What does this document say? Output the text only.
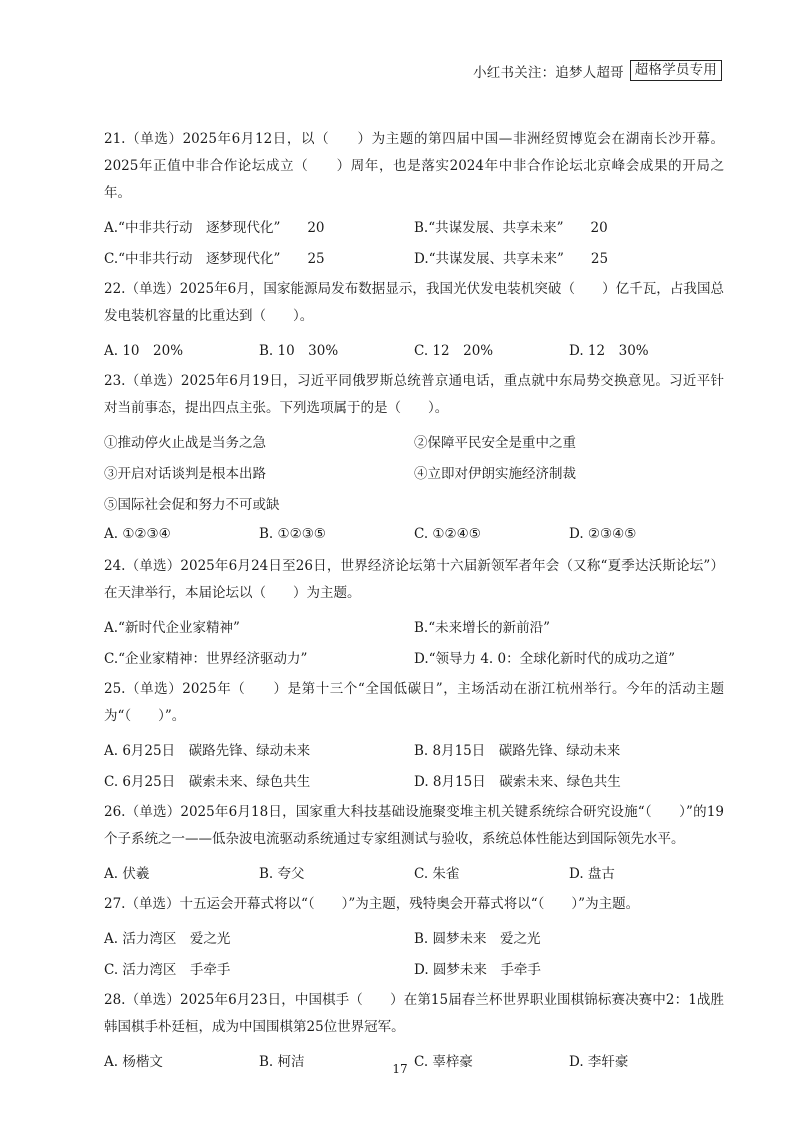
小红书关注：追梦人超哥 超格学员专用

21.（单选）2025年6月12日，以（　　）为主题的第四届中国—非洲经贸博览会在湖南长沙开幕。2025年正值中非合作论坛成立（　　）周年，也是落实2024年中非合作论坛北京峰会成果的开局之年。

A.“中非共行动　逐梦现代化”　　20	B.“共谋发展、共享未来”　　20
C.“中非共行动　逐梦现代化”　　25	D.“共谋发展、共享未来”　　25

22.（单选）2025年6月，国家能源局发布数据显示，我国光伏发电装机突破（　　）亿千瓦，占我国总发电装机容量的比重达到（　　）。

A. 10　20%	B. 10　30%	C. 12　20%	D. 12　30%

23.（单选）2025年6月19日，习近平同俄罗斯总统普京通电话，重点就中东局势交换意见。习近平针对当前事态，提出四点主张。下列选项属于的是（　　）。

①推动停火止战是当务之急	②保障平民安全是重中之重
③开启对话谈判是根本出路	④立即对伊朗实施经济制裁
⑤国际社会促和努力不可或缺
A. ①②③④	B. ①②③⑤	C. ①②④⑤	D. ②③④⑤

24.（单选）2025年6月24日至26日，世界经济论坛第十六届新领军者年会（又称“夏季达沃斯论坛”）在天津举行，本届论坛以（　　）为主题。

A.“新时代企业家精神”	B.“未来增长的新前沿”
C.“企业家精神：世界经济驱动力”	D.“领导力 4. 0：全球化新时代的成功之道”

25.（单选）2025年（　　）是第十三个“全国低碳日”，主场活动在浙江杭州举行。今年的活动主题为“（　　）”。

A. 6月25日　碳路先锋、绿动未来	B. 8月15日　碳路先锋、绿动未来
C. 6月25日　碳索未来、绿色共生	D. 8月15日　碳索未来、绿色共生

26.（单选）2025年6月18日，国家重大科技基础设施聚变堆主机关键系统综合研究设施“（　　）”的19个子系统之一——低杂波电流驱动系统通过专家组测试与验收，系统总体性能达到国际领先水平。

A. 伏羲	B. 夸父	C. 朱雀	D. 盘古

27.（单选）十五运会开幕式将以“（　　）”为主题，残特奥会开幕式将以“（　　）”为主题。

A. 活力湾区　爱之光	B. 圆梦未来　爱之光
C. 活力湾区　手牵手	D. 圆梦未来　手牵手

28.（单选）2025年6月23日，中国棋手（　　）在第15届春兰杯世界职业围棋锦标赛决赛中2：1战胜韩国棋手朴廷桓，成为中国围棋第25位世界冠军。

A. 杨楷文	B. 柯洁	C. 辜梓豪	D. 李轩豪
17
